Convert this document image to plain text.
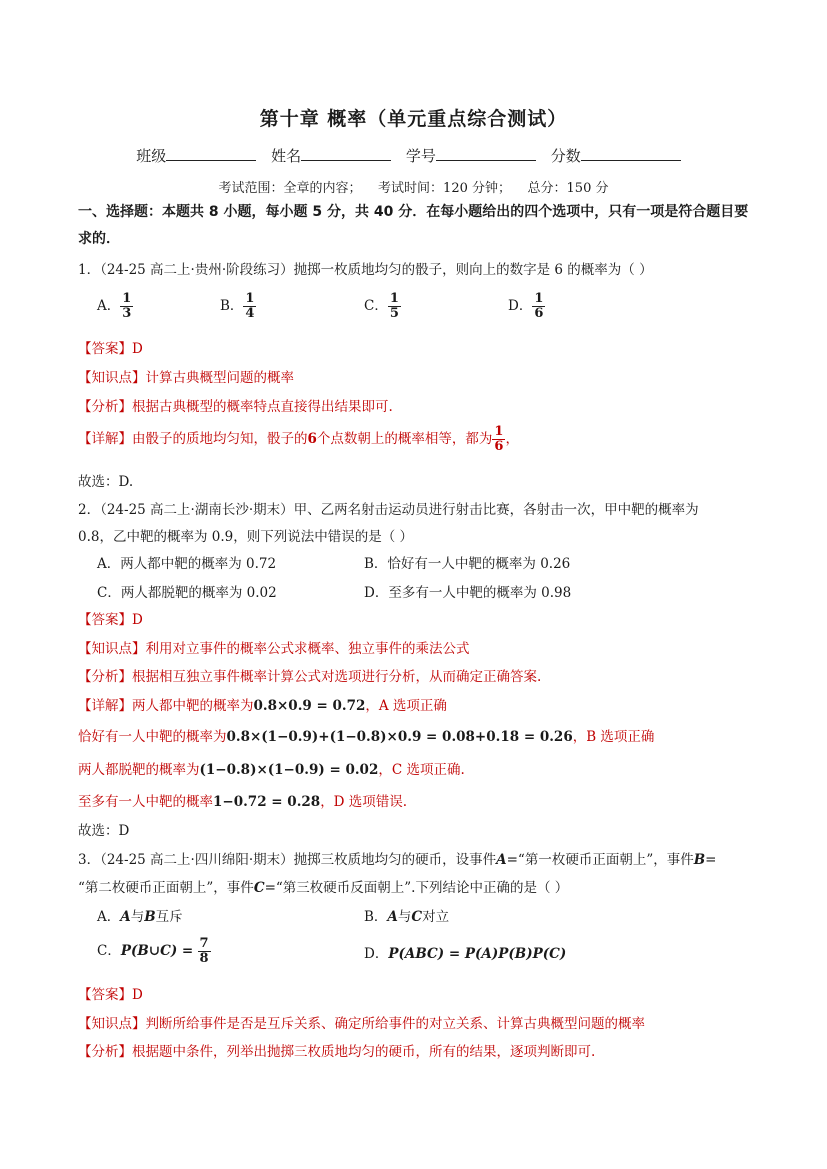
第十章 概率（单元重点综合测试）
班级	姓名	学号	分数
考试范围：全章的内容； 考试时间：120 分钟； 总分：150 分
一、选择题：本题共 8 小题，每小题 5 分，共 40 分．在每小题给出的四个选项中，只有一项是符合题目要
求的．
1．（24-25 高二上·贵州·阶段练习）抛掷一枚质地均匀的骰子，则向上的数字是 6 的概率为（ ）
A． $\frac{1}{3}$	B． $\frac{1}{4}$	C． $\frac{1}{5}$	D． $\frac{1}{6}$
【答案】D
【知识点】计算古典概型问题的概率
【分析】根据古典概型的概率特点直接得出结果即可.
【详解】由骰子的质地均匀知，骰子的6个点数朝上的概率相等，都为 $\frac{1}{6}$ ，
故选：D.
2．（24-25 高二上·湖南长沙·期末）甲、乙两名射击运动员进行射击比赛，各射击一次，甲中靶的概率为
0.8，乙中靶的概率为 0.9，则下列说法中错误的是（ ）
A．两人都中靶的概率为 0.72	B．恰好有一人中靶的概率为 0.26
C．两人都脱靶的概率为 0.02	D．至多有一人中靶的概率为 0.98
【答案】D
【知识点】利用对立事件的概率公式求概率、独立事件的乘法公式
【分析】根据相互独立事件概率计算公式对选项进行分析，从而确定正确答案.
【详解】两人都中靶的概率为0.8×0.9 = 0.72，A 选项正确
恰好有一人中靶的概率为0.8×(1−0.9)+(1−0.8)×0.9 = 0.08+0.18 = 0.26，B 选项正确
两人都脱靶的概率为(1−0.8)×(1−0.9) = 0.02，C 选项正确.
至多有一人中靶的概率1−0.72 = 0.28，D 选项错误.
故选：D
3．（24-25 高二上·四川绵阳·期末）抛掷三枚质地均匀的硬币，设事件A=“第一枚硬币正面朝上”，事件B=
“第二枚硬币正面朝上”，事件C=“第三枚硬币反面朝上”.下列结论中正确的是（ ）
A．A与B互斥	B．A与C对立
C．P(B∪C) = $\frac{7}{8}$	D．P(ABC) = P(A)P(B)P(C)
【答案】D
【知识点】判断所给事件是否是互斥关系、确定所给事件的对立关系、计算古典概型问题的概率
【分析】根据题中条件，列举出抛掷三枚质地均匀的硬币，所有的结果，逐项判断即可.
